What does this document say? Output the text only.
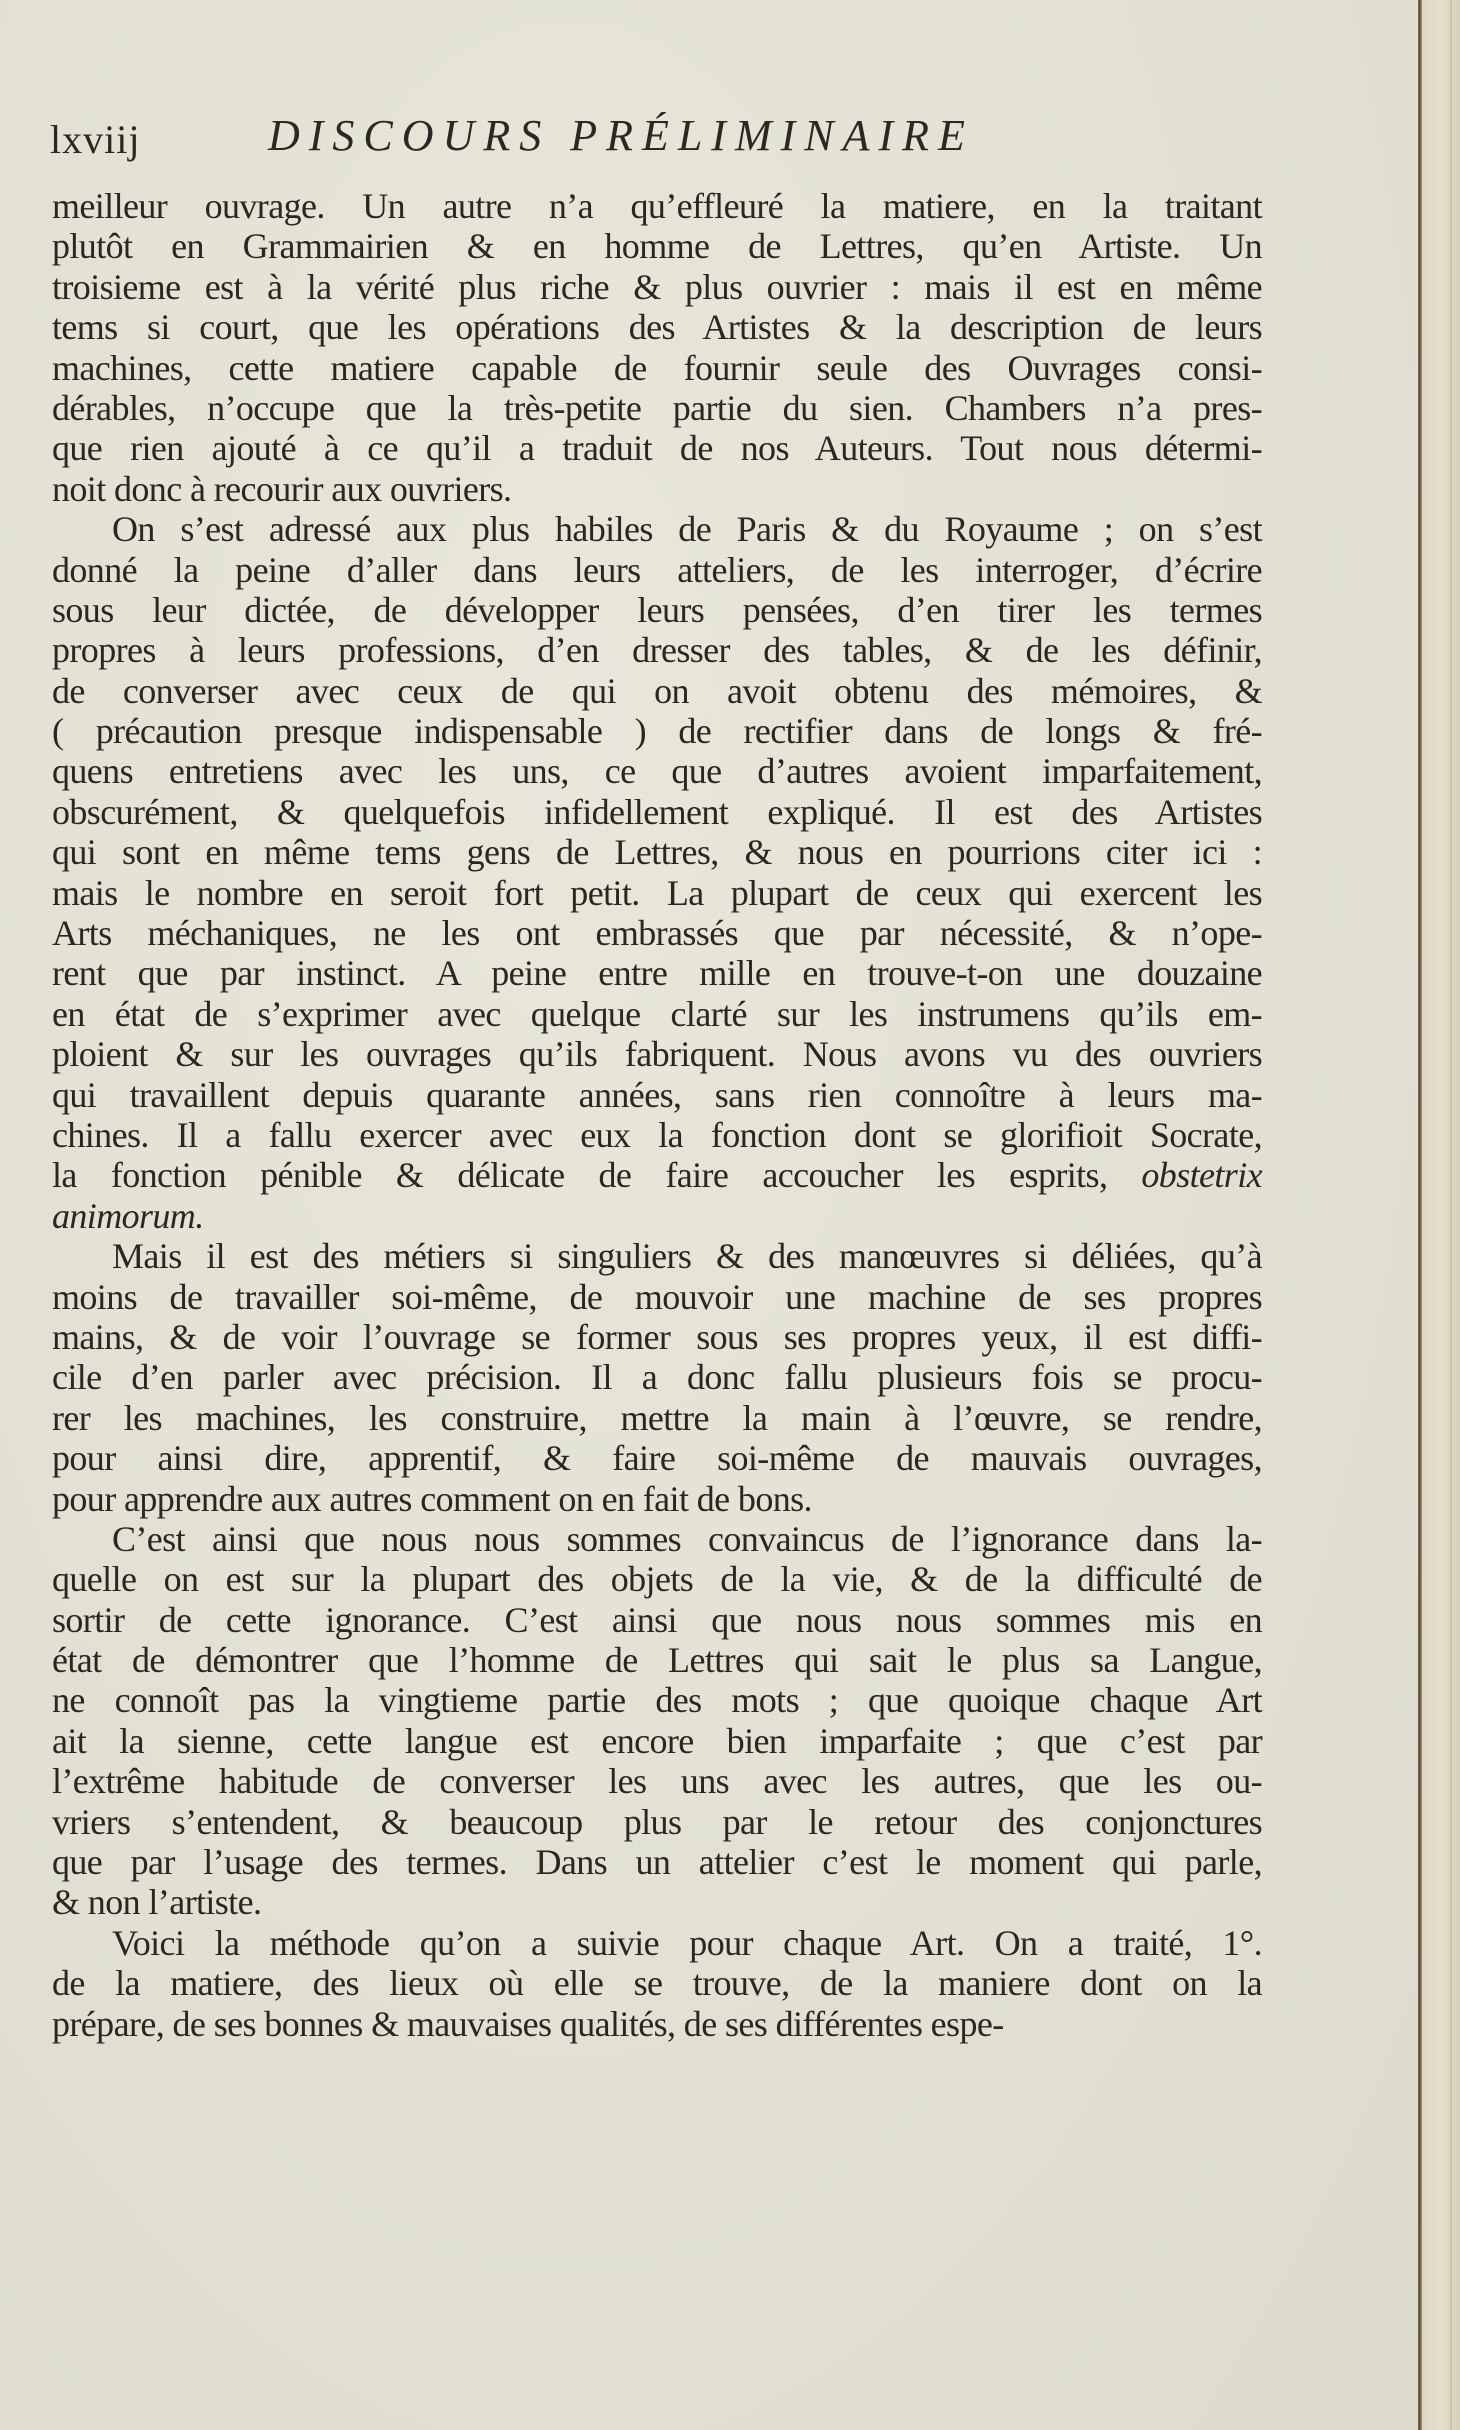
lxviij	DISCOURS PRÉLIMINAIRE
meilleur ouvrage. Un autre n’a qu’effleuré la matiere, en la traitant
plutôt en Grammairien & en homme de Lettres, qu’en Artiste. Un
troisieme est à la vérité plus riche & plus ouvrier : mais il est en même
tems si court, que les opérations des Artistes & la description de leurs
machines, cette matiere capable de fournir seule des Ouvrages consi-
dérables, n’occupe que la très-petite partie du sien. Chambers n’a pres-
que rien ajouté à ce qu’il a traduit de nos Auteurs. Tout nous détermi-
noit donc à recourir aux ouvriers.
On s’est adressé aux plus habiles de Paris & du Royaume ; on s’est
donné la peine d’aller dans leurs atteliers, de les interroger, d’écrire
sous leur dictée, de développer leurs pensées, d’en tirer les termes
propres à leurs professions, d’en dresser des tables, & de les définir,
de converser avec ceux de qui on avoit obtenu des mémoires, &
( précaution presque indispensable ) de rectifier dans de longs & fré-
quens entretiens avec les uns, ce que d’autres avoient imparfaitement,
obscurément, & quelquefois infidellement expliqué. Il est des Artistes
qui sont en même tems gens de Lettres, & nous en pourrions citer ici :
mais le nombre en seroit fort petit. La plupart de ceux qui exercent les
Arts méchaniques, ne les ont embrassés que par nécessité, & n’ope-
rent que par instinct. A peine entre mille en trouve-t-on une douzaine
en état de s’exprimer avec quelque clarté sur les instrumens qu’ils em-
ploient & sur les ouvrages qu’ils fabriquent. Nous avons vu des ouvriers
qui travaillent depuis quarante années, sans rien connoître à leurs ma-
chines. Il a fallu exercer avec eux la fonction dont se glorifioit Socrate,
la fonction pénible & délicate de faire accoucher les esprits, obstetrix
animorum.
Mais il est des métiers si singuliers & des manœuvres si déliées, qu’à
moins de travailler soi-même, de mouvoir une machine de ses propres
mains, & de voir l’ouvrage se former sous ses propres yeux, il est diffi-
cile d’en parler avec précision. Il a donc fallu plusieurs fois se procu-
rer les machines, les construire, mettre la main à l’œuvre, se rendre,
pour ainsi dire, apprentif, & faire soi-même de mauvais ouvrages,
pour apprendre aux autres comment on en fait de bons.
C’est ainsi que nous nous sommes convaincus de l’ignorance dans la-
quelle on est sur la plupart des objets de la vie, & de la difficulté de
sortir de cette ignorance. C’est ainsi que nous nous sommes mis en
état de démontrer que l’homme de Lettres qui sait le plus sa Langue,
ne connoît pas la vingtieme partie des mots ; que quoique chaque Art
ait la sienne, cette langue est encore bien imparfaite ; que c’est par
l’extrême habitude de converser les uns avec les autres, que les ou-
vriers s’entendent, & beaucoup plus par le retour des conjonctures
que par l’usage des termes. Dans un attelier c’est le moment qui parle,
& non l’artiste.
Voici la méthode qu’on a suivie pour chaque Art. On a traité, 1°.
de la matiere, des lieux où elle se trouve, de la maniere dont on la
prépare, de ses bonnes & mauvaises qualités, de ses différentes espe-
